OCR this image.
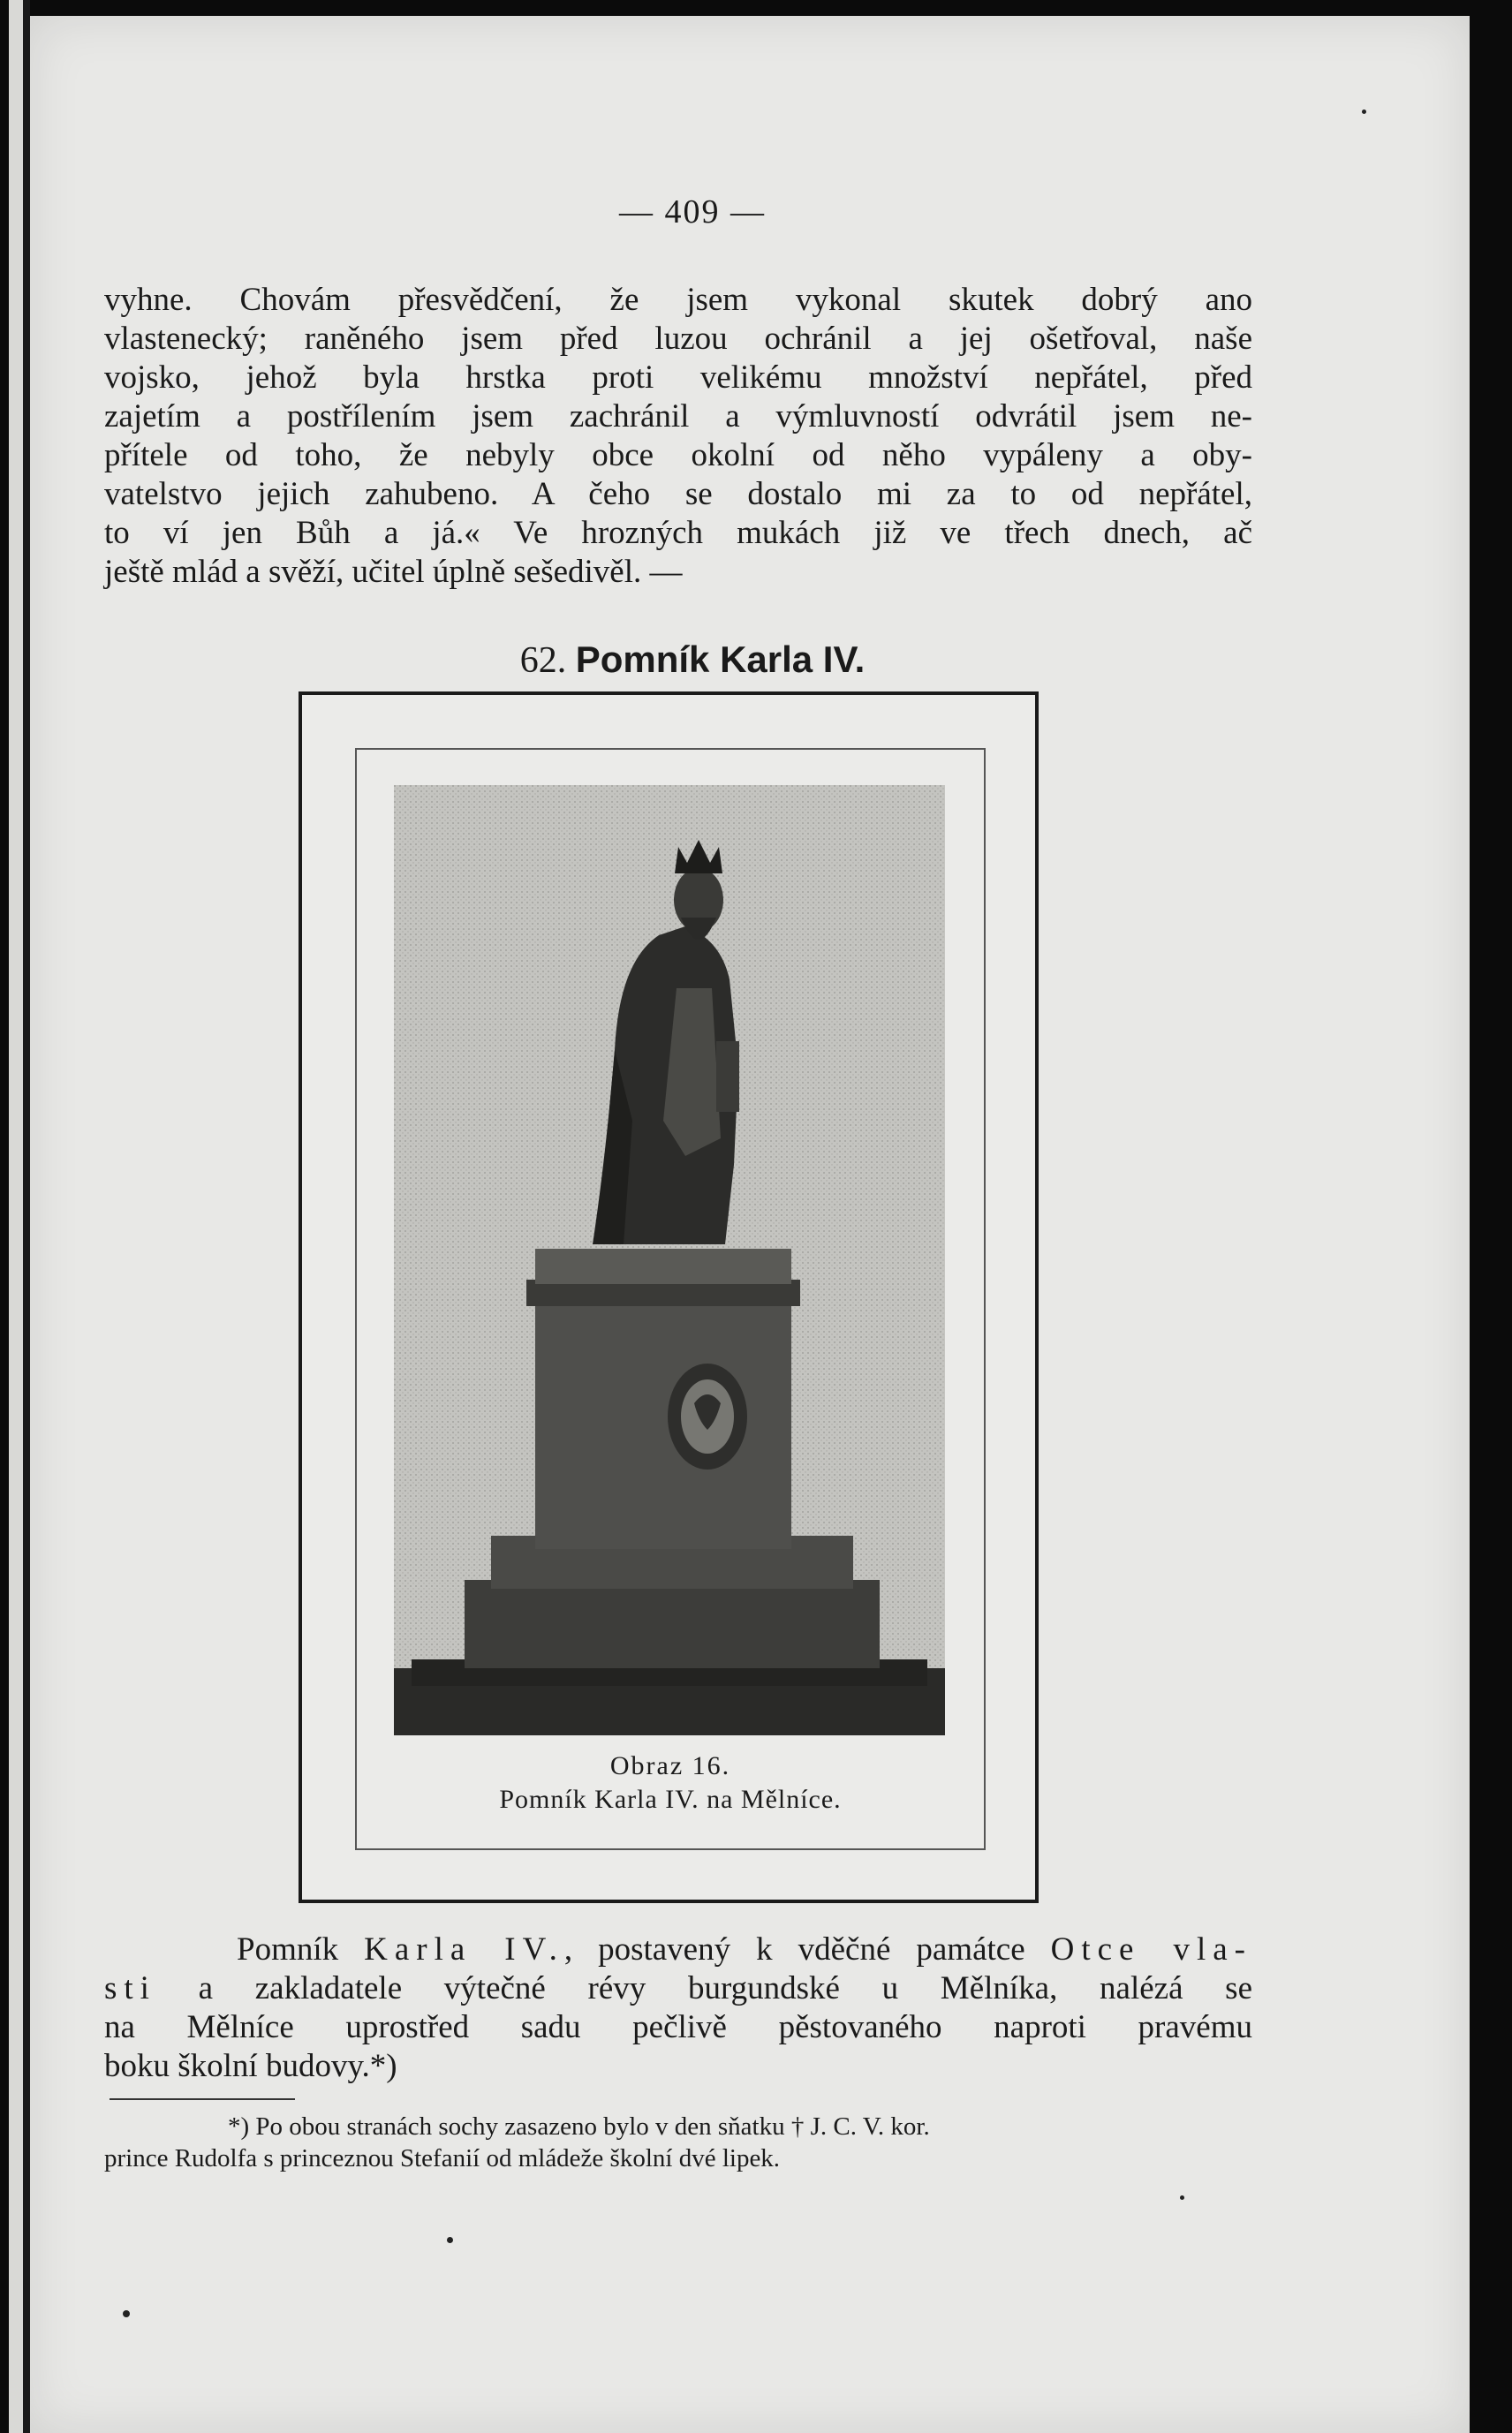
— 409 —
vyhne. Chovám přesvědčení, že jsem vykonal skutek dobrý ano
vlastenecký; raněného jsem před luzou ochránil a jej ošetřoval, naše
vojsko, jehož byla hrstka proti velikému množství nepřátel, před
zajetím a postřílením jsem zachránil a výmluvností odvrátil jsem ne-
přítele od toho, že nebyly obce okolní od něho vypáleny a oby-
vatelstvo jejich zahubeno. A čeho se dostalo mi za to od nepřátel,
to ví jen Bůh a já.« Ve hrozných mukách již ve třech dnech, ač
ještě mlád a svěží, učitel úplně sešedivěl. —
62. Pomník Karla IV.
Obraz 16.
Pomník Karla IV. na Mělníce.
Pomník Karla IV., postavený k vděčné památce Otce vla-
sti a zakladatele výtečné révy burgundské u Mělníka, nalézá se
na Mělníce uprostřed sadu pečlivě pěstovaného naproti pravému
boku školní budovy.*)
*) Po obou stranách sochy zasazeno bylo v den sňatku † J. C. V. kor.
prince Rudolfa s princeznou Stefanií od mládeže školní dvé lipek.
